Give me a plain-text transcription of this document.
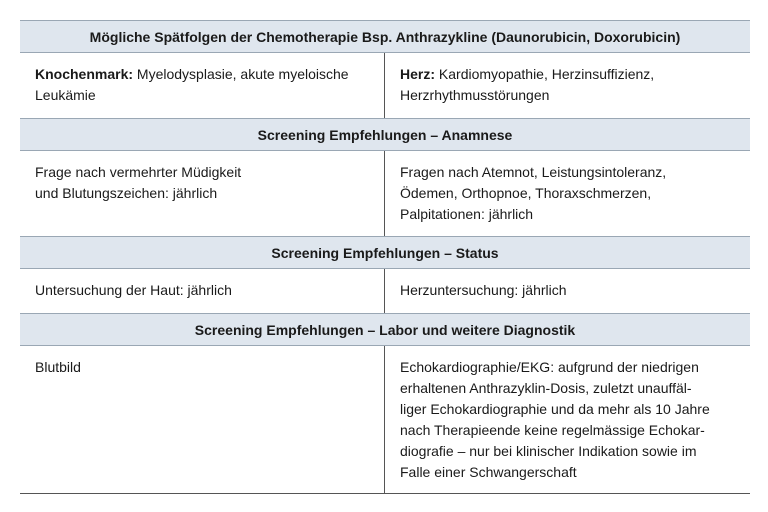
Mögliche Spätfolgen der Chemotherapie Bsp. Anthrazykline (Daunorubicin, Doxorubicin)
Knochenmark: Myelodysplasie, akute myeloische
Leukämie
Herz: Kardiomyopathie, Herzinsuffizienz,
Herzrhythmusstörungen
Screening Empfehlungen – Anamnese
Frage nach vermehrter Müdigkeit
und Blutungszeichen: jährlich
Fragen nach Atemnot, Leistungsintoleranz,
Ödemen, Orthopnoe, Thoraxschmerzen,
Palpitationen: jährlich
Screening Empfehlungen – Status
Untersuchung der Haut: jährlich	Herzuntersuchung: jährlich
Screening Empfehlungen – Labor und weitere Diagnostik
Blutbild	Echokardiographie/EKG: aufgrund der niedrigen
erhaltenen Anthrazyklin-Dosis, zuletzt unauffäl-
liger Echokardiographie und da mehr als 10 Jahre
nach Therapieende keine regelmässige Echokar-
diografie – nur bei klinischer Indikation sowie im
Falle einer Schwangerschaft
